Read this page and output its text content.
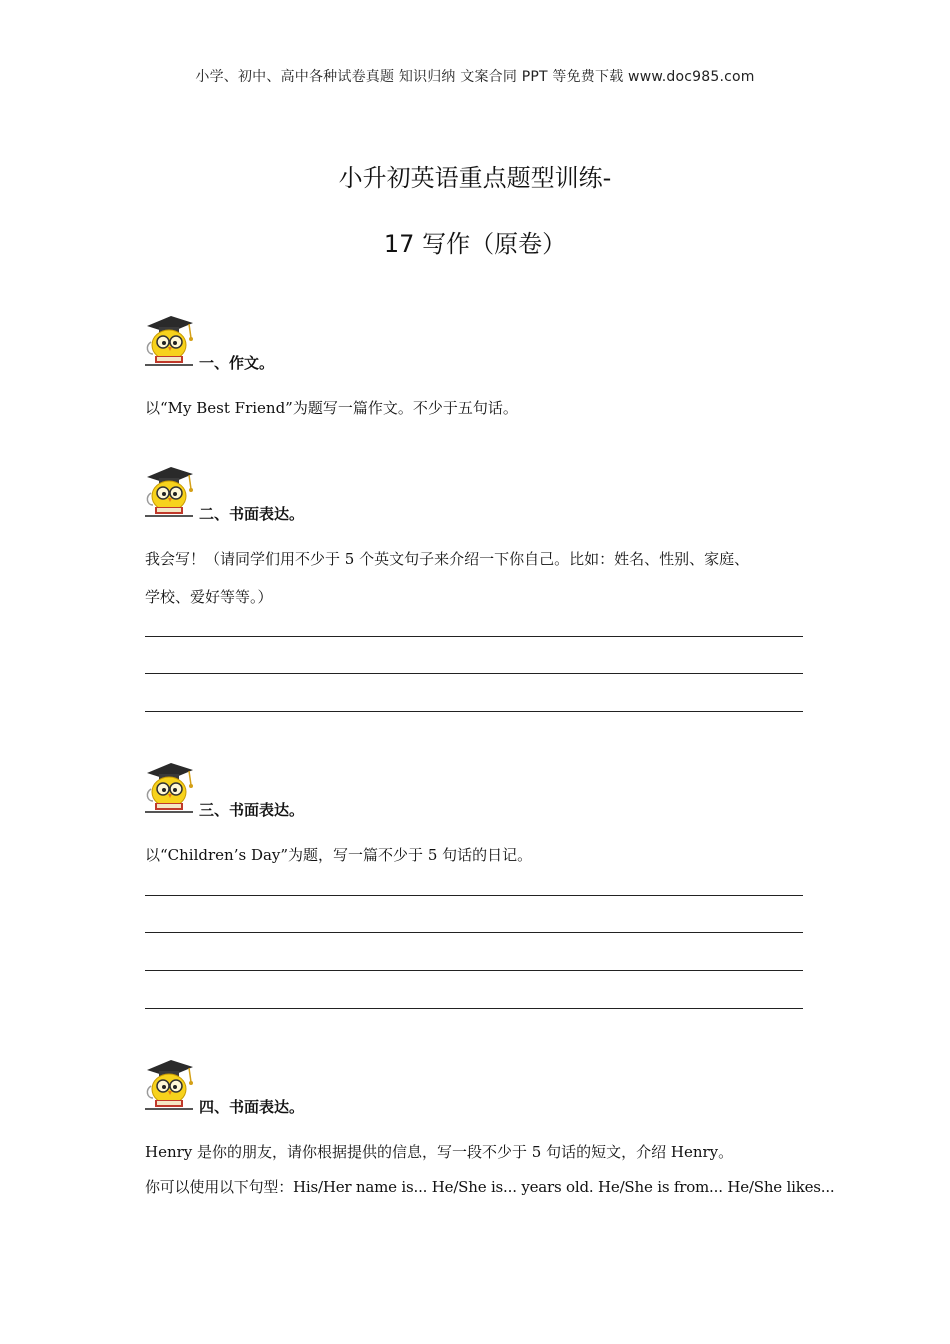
小学、初中、高中各种试卷真题 知识归纳 文案合同 PPT 等免费下载 www.doc985.com
小升初英语重点题型训练-
17 写作（原卷）
一、作文。
以“My Best Friend”为题写一篇作文。不少于五句话。
二、书面表达。
我会写！（请同学们用不少于 5 个英文句子来介绍一下你自己。比如：姓名、性别、家庭、
学校、爱好等等。）
三、书面表达。
以“Children’s Day”为题，写一篇不少于 5 句话的日记。
四、书面表达。
Henry 是你的朋友，请你根据提供的信息，写一段不少于 5 句话的短文，介绍 Henry。
你可以使用以下句型：His/Her name is... He/She is... years old. He/She is from... He/She likes...
